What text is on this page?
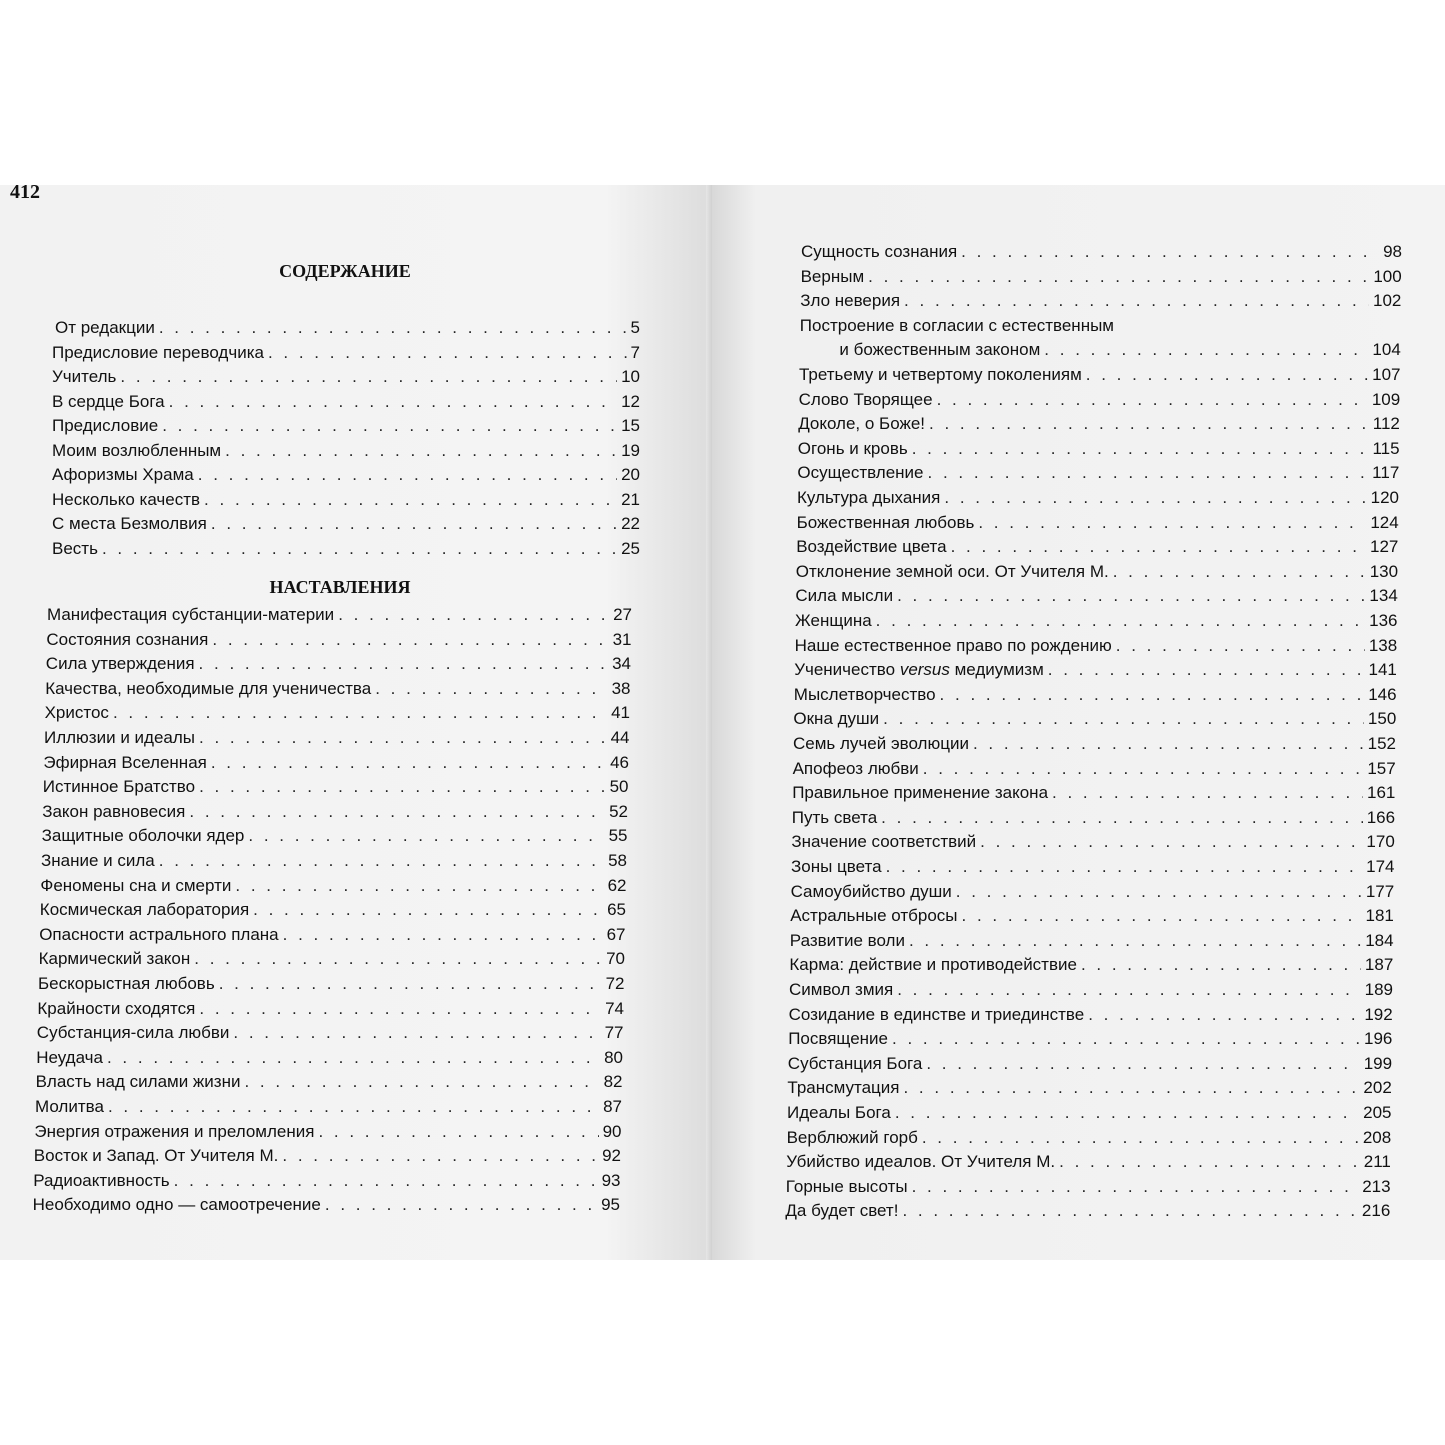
412
СОДЕРЖАНИЕ
От редакции . . .	5
Предисловие переводчика . . .	7
Учитель . . .	10
В сердце Бога . . .	12
Предисловие . . .	15
Моим возлюбленным . . .	19
Афоризмы Храма . . .	20
Несколько качеств . . .	21
С места Безмолвия . . .	22
Весть . . .	25
НАСТАВЛЕНИЯ
Манифестация субстанции-материи . . .	27
Состояния сознания . . .	31
Сила утверждения . . .	34
Качества, необходимые для ученичества . . .	38
Христос . . .	41
Иллюзии и идеалы . . .	44
Эфирная Вселенная . . .	46
Истинное Братство . . .	50
Закон равновесия . . .	52
Защитные оболочки ядер . . .	55
Знание и сила . . .	58
Феномены сна и смерти . . .	62
Космическая лаборатория . . .	65
Опасности астрального плана . . .	67
Кармический закон . . .	70
Бескорыстная любовь . . .	72
Крайности сходятся . . .	74
Субстанция-сила любви . . .	77
Неудача . . .	80
Власть над силами жизни . . .	82
Молитва . . .	87
Энергия отражения и преломления . . .	90
Восток и Запад. От Учителя М. . . .	92
Радиоактивность . . .	93
Необходимо одно — самоотречение . . .	95
Сущность сознания . . .	98
Верным . . .	100
Зло неверия . . .	102
Построение в согласии с естественным
и божественным законом . . .	104
Третьему и четвертому поколениям . . .	107
Слово Творящее . . .	109
Доколе, о Боже! . . .	112
Огонь и кровь . . .	115
Осуществление . . .	117
Культура дыхания . . .	120
Божественная любовь . . .	124
Воздействие цвета . . .	127
Отклонение земной оси. От Учителя М. . . .	130
Сила мысли . . .	134
Женщина . . .	136
Наше естественное право по рождению . . .	138
Ученичество versus медиумизм . . .	141
Мыслетворчество . . .	146
Окна души . . .	150
Семь лучей эволюции . . .	152
Апофеоз любви . . .	157
Правильное применение закона . . .	161
Путь света . . .	166
Значение соответствий . . .	170
Зоны цвета . . .	174
Самоубийство души . . .	177
Астральные отбросы . . .	181
Развитие воли . . .	184
Карма: действие и противодействие . . .	187
Символ змия . . .	189
Созидание в единстве и триединстве . . .	192
Посвящение . . .	196
Субстанция Бога . . .	199
Трансмутация . . .	202
Идеалы Бога . . .	205
Верблюжий горб . . .	208
Убийство идеалов. От Учителя М. . . .	211
Горные высоты . . .	213
Да будет свет! . . .	216
